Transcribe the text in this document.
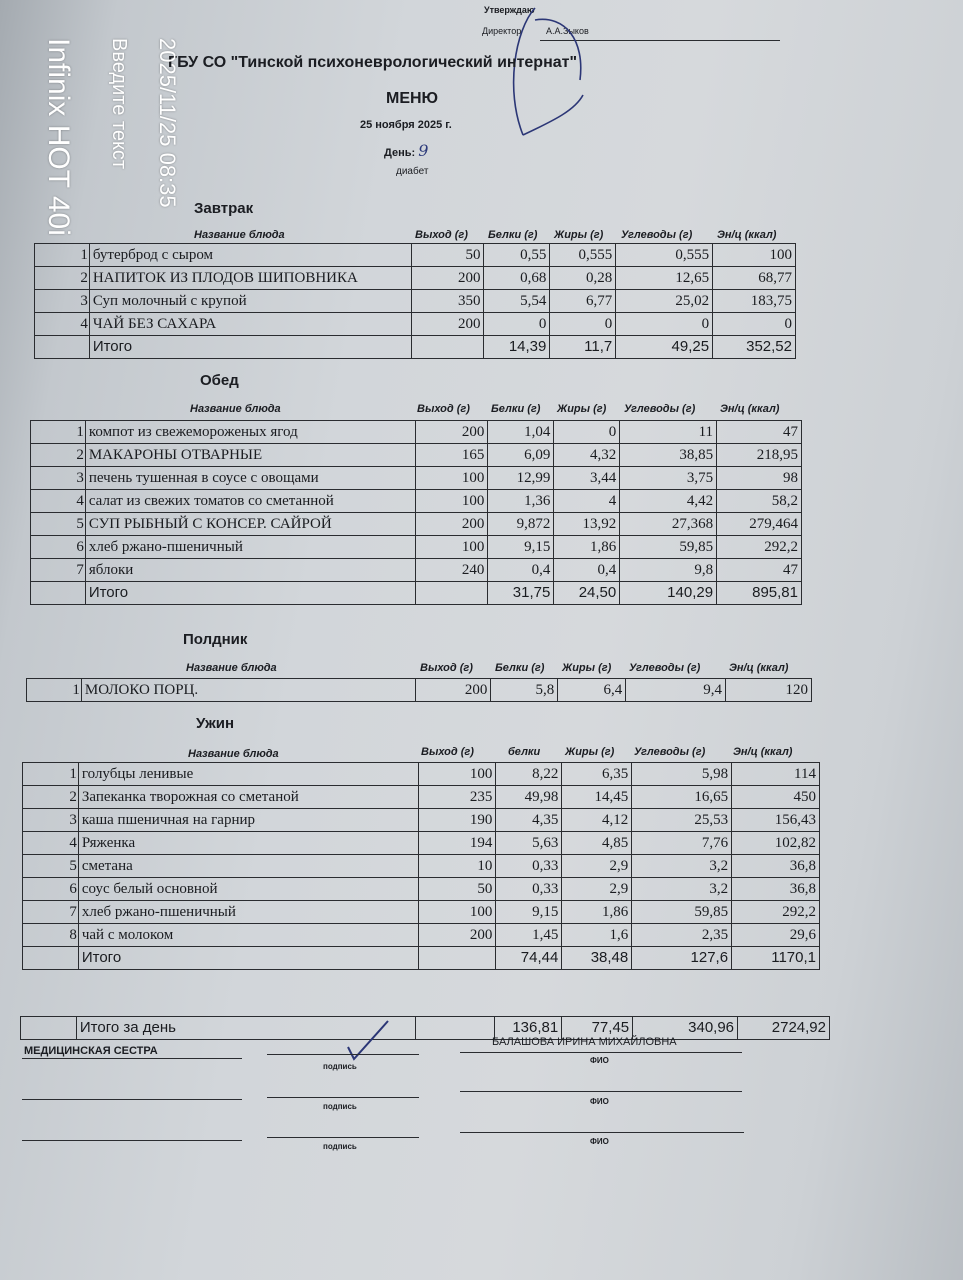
Утверждаю
Директор	А.А.Зыков
ГБУ СО "Тинской психоневрологический интернат"
МЕНЮ
25 ноября 2025 г.
День: 9
диабет
Завтрак
Название блюда	Выход (г) Белки (г) Жиры (г) Углеводы (г) Эн/ц (ккал)
1	бутерброд с сыром	50	0,55	0,555	0,555	100
2	НАПИТОК ИЗ ПЛОДОВ ШИПОВНИКА	200	0,68	0,28	12,65	68,77
3	Суп молочный с крупой	350	5,54	6,77	25,02	183,75
4	ЧАЙ БЕЗ САХАРА	200	0	0	0	0
	Итого		14,39	11,7	49,25	352,52
Обед
Название блюда	Выход (г) Белки (г) Жиры (г) Углеводы (г) Эн/ц (ккал)
1	компот из свежемороженых ягод	200	1,04	0	11	47
2	МАКАРОНЫ ОТВАРНЫЕ	165	6,09	4,32	38,85	218,95
3	печень тушенная в соусе с овощами	100	12,99	3,44	3,75	98
4	салат из свежих томатов со сметанной	100	1,36	4	4,42	58,2
5	СУП РЫБНЫЙ С КОНСЕР. САЙРОЙ	200	9,872	13,92	27,368	279,464
6	хлеб ржано-пшеничный	100	9,15	1,86	59,85	292,2
7	яблоки	240	0,4	0,4	9,8	47
	Итого		31,75	24,50	140,29	895,81
Полдник
Название блюда	Выход (г) Белки (г) Жиры (г) Углеводы (г)	Эн/ц (ккал)
1	МОЛОКО ПОРЦ.	200	5,8	6,4	9,4	120
Ужин
Название блюда	Выход (г)	белки Жиры (г) Углеводы (г)	Эн/ц (ккал)
1	голубцы ленивые	100	8,22	6,35	5,98	114
2	Запеканка творожная со сметаной	235	49,98	14,45	16,65	450
3	каша пшеничная на гарнир	190	4,35	4,12	25,53	156,43
4	Ряженка	194	5,63	4,85	7,76	102,82
5	сметана	10	0,33	2,9	3,2	36,8
6	соус белый основной	50	0,33	2,9	3,2	36,8
7	хлеб ржано-пшеничный	100	9,15	1,86	59,85	292,2
8	чай с молоком	200	1,45	1,6	2,35	29,6
	Итого		74,44	38,48	127,6	1170,1
	Итого за день		136,81	77,45	340,96	2724,92
МЕДИЦИНСКАЯ СЕСТРА
БАЛАШОВА ИРИНА МИХАЙЛОВНА
подпись
ФИО
подпись
ФИО
подпись
ФИО
Infinix HOT 40i Введите текст 2025/11/25 08:35
